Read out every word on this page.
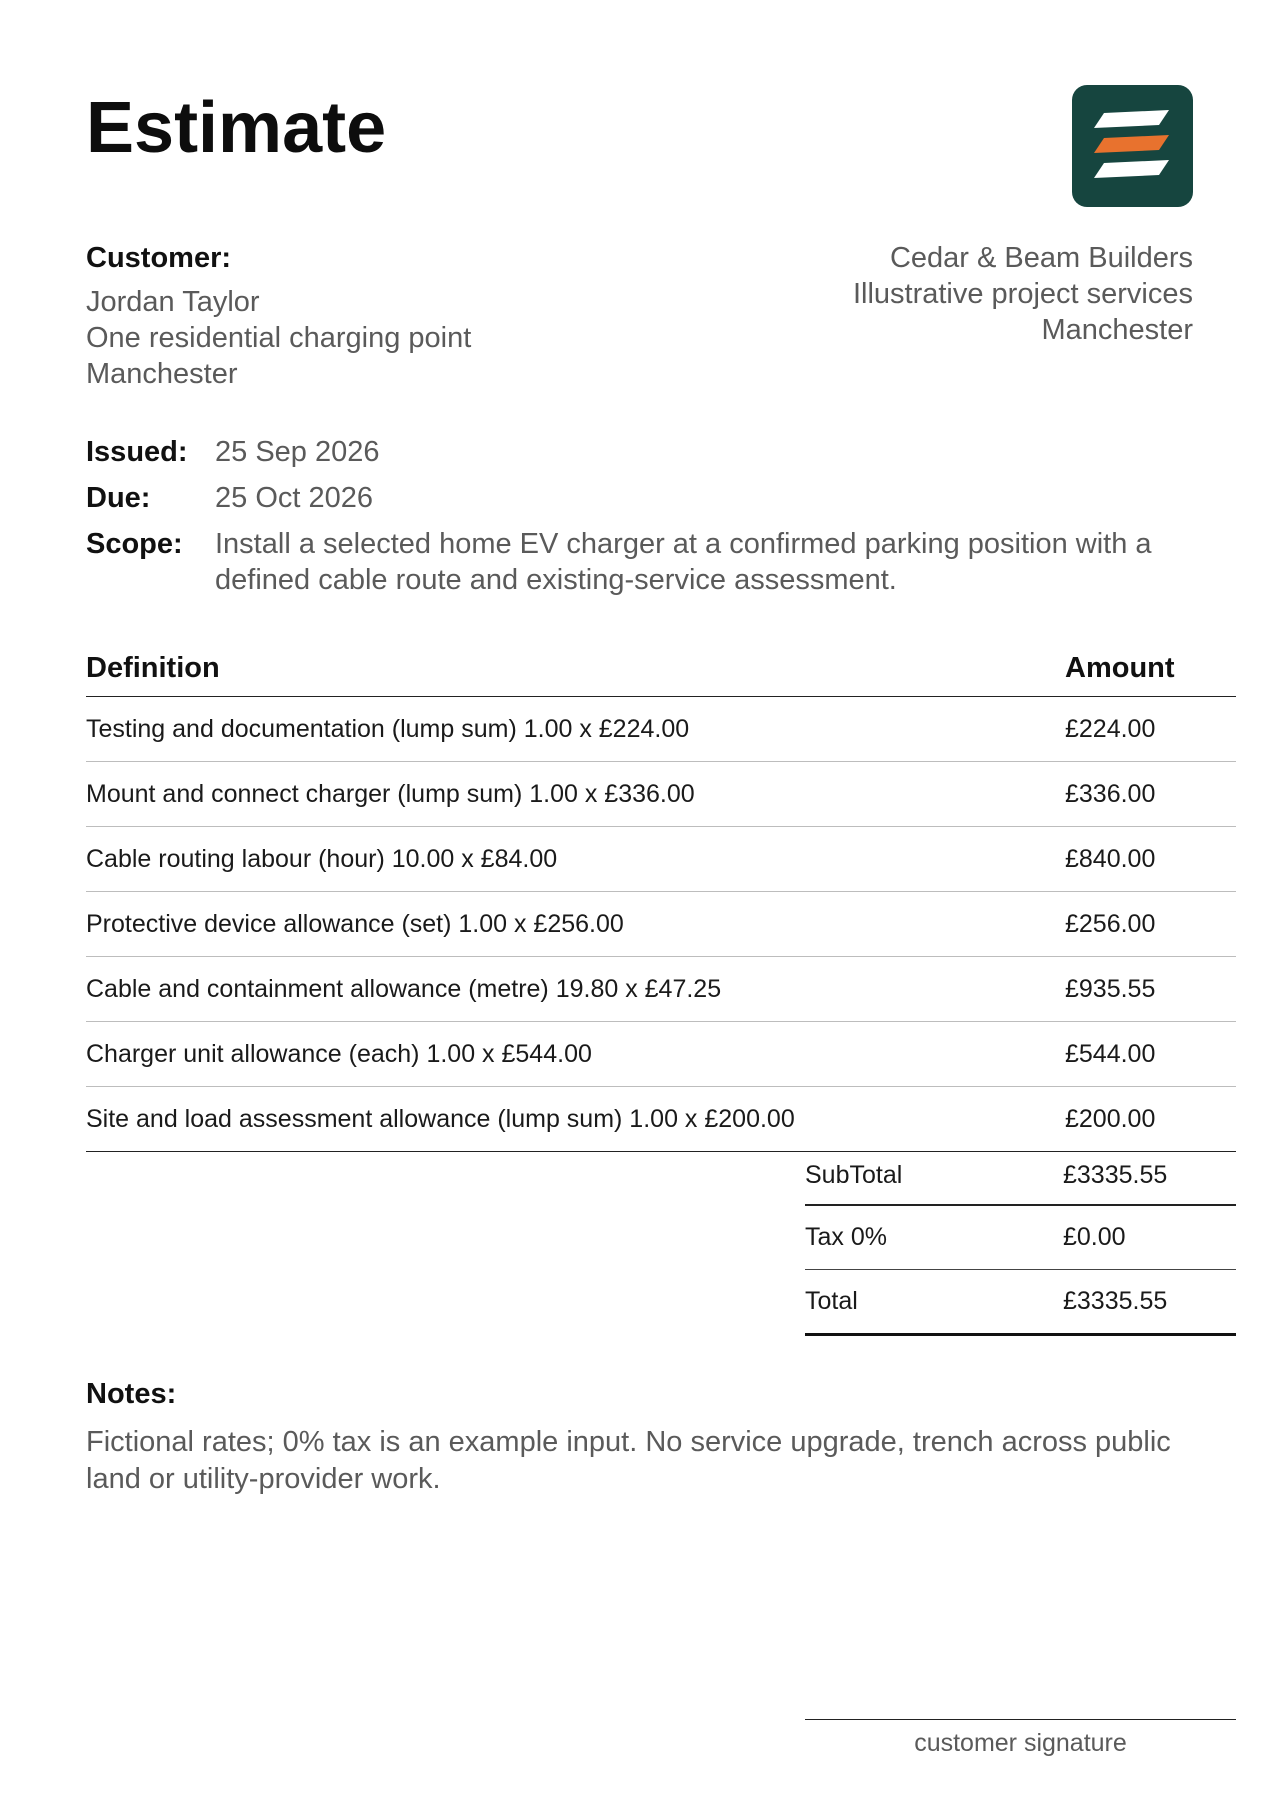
Estimate
Customer:
Jordan Taylor
One residential charging point
Manchester
Cedar & Beam Builders
Illustrative project services
Manchester
Issued: 25 Sep 2026
Due:	25 Oct 2026
Scope:	Install a selected home EV charger at a confirmed parking position with a defined cable route and existing-service assessment.
Definition	Amount
Testing and documentation (lump sum) 1.00 x £224.00	£224.00
Mount and connect charger (lump sum) 1.00 x £336.00	£336.00
Cable routing labour (hour) 10.00 x £84.00	£840.00
Protective device allowance (set) 1.00 x £256.00	£256.00
Cable and containment allowance (metre) 19.80 x £47.25	£935.55
Charger unit allowance (each) 1.00 x £544.00	£544.00
Site and load assessment allowance (lump sum) 1.00 x £200.00	£200.00
SubTotal	£3335.55
Tax 0%	£0.00
Total	£3335.55
Notes:
Fictional rates; 0% tax is an example input. No service upgrade, trench across public land or utility-provider work.
customer signature
